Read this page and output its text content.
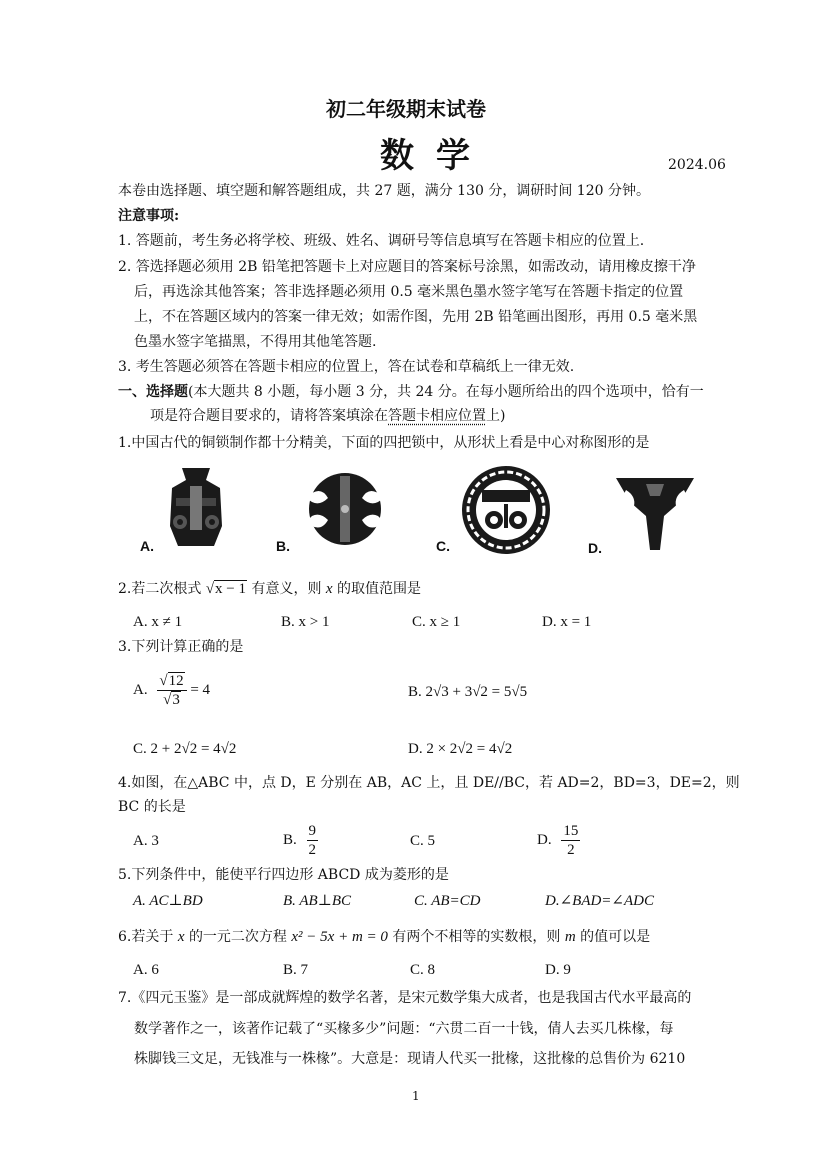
初二年级期末试卷
数学	2024.06
本卷由选择题、填空题和解答题组成，共 27 题，满分 130 分，调研时间 120 分钟。
注意事项:
1. 答题前，考生务必将学校、班级、姓名、调研号等信息填写在答题卡相应的位置上.
2. 答选择题必须用 2B 铅笔把答题卡上对应题目的答案标号涂黑，如需改动，请用橡皮擦干净
后，再选涂其他答案；答非选择题必须用 0.5 毫米黑色墨水签字笔写在答题卡指定的位置
上，不在答题区域内的答案一律无效；如需作图，先用 2B 铅笔画出图形，再用 0.5 毫米黑
色墨水签字笔描黑，不得用其他笔答题.
3. 考生答题必须答在答题卡相应的位置上，答在试卷和草稿纸上一律无效.
一、选择题(本大题共 8 小题，每小题 3 分，共 24 分。在每小题所给出的四个选项中，恰有一
项是符合题目要求的，请将答案填涂在答题卡相应位置上)
1.中国古代的铜锁制作都十分精美，下面的四把锁中，从形状上看是中心对称图形的是
A.	B.	C.	D.
2.若二次根式 √x − 1 有意义，则 x 的取值范围是
A. x ≠ 1	B. x > 1	C. x ≥ 1	D. x = 1
3.下列计算正确的是
A. $\frac{√12}{√3} = 4$	B. 2√3 + 3√2 = 5√5
C. 2 + 2√2 = 4√2	D. 2 × 2√2 = 4√2
4.如图，在△ABC 中，点 D，E 分别在 AB，AC 上，且 DE//BC，若 AD=2，BD=3，DE=2，则
BC 的长是
A. 3	B. $\frac{9}{2}$	C. 5	D. $\frac{15}{2}$
5.下列条件中，能使平行四边形 ABCD 成为菱形的是
A. AC⊥BD	B. AB⊥BC	C. AB=CD	D.∠BAD=∠ADC
6.若关于 x 的一元二次方程 x² − 5x + m = 0 有两个不相等的实数根，则 m 的值可以是
A. 6	B. 7	C. 8	D. 9
7.《四元玉鉴》是一部成就辉煌的数学名著，是宋元数学集大成者，也是我国古代水平最高的
数学著作之一，该著作记载了“买椽多少”问题：“六贯二百一十钱，倩人去买几株椽，每
株脚钱三文足，无钱准与一株椽”。大意是：现请人代买一批椽，这批椽的总售价为 6210
1
